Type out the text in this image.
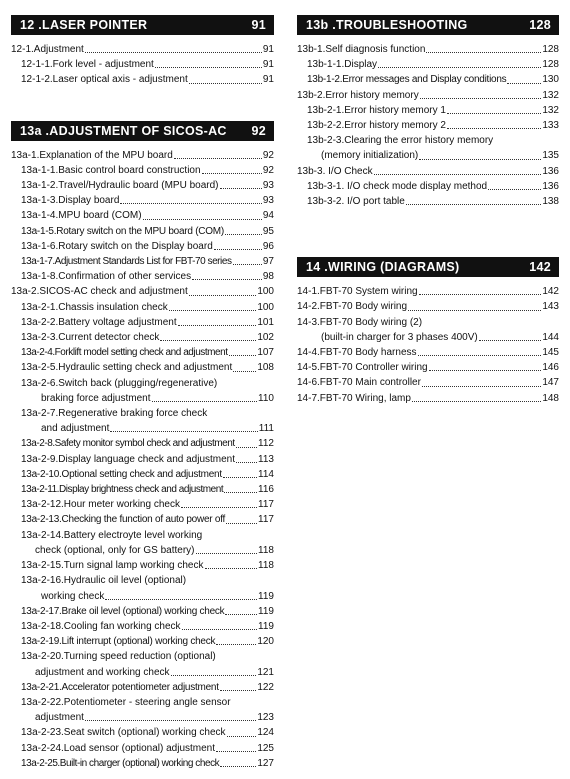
12 .LASER POINTER	91
12-1.Adjustment	91
12-1-1.Fork level - adjustment	91
12-1-2.Laser optical axis - adjustment	91
13a .ADJUSTMENT OF SICOS-AC 92
13a-1.Explanation of the MPU board	92
13a-1-1.Basic control board construction	92
13a-1-2.Travel/Hydraulic board (MPU board)	93
13a-1-3.Display board	93
13a-1-4.MPU board (COM)	94
13a-1-5.Rotary switch on the MPU board (COM)	95
13a-1-6.Rotary switch on the Display board	96
13a-1-7.Adjustment Standards List for FBT-70 series	97
13a-1-8.Confirmation of other services	98
13a-2.SICOS-AC check and adjustment	100
13a-2-1.Chassis insulation check	100
13a-2-2.Battery voltage adjustment	101
13a-2-3.Current detector check	102
13a-2-4.Forklift model setting check and adjustment	107
13a-2-5.Hydraulic setting check and adjustment	108
13a-2-6.Switch back (plugging/regenerative)
braking force adjustment	110
13a-2-7.Regenerative braking force check
and adjustment	111
13a-2-8.Safety monitor symbol check and adjustment 112
13a-2-9.Display language check and adjustment 113
13a-2-10.Optional setting check and adjustment	114
13a-2-11.Display brightness check and adjustment	116
13a-2-12.Hour meter working check	117
13a-2-13.Checking the function of auto power off	117
13a-2-14.Battery electroyte level working
check (optional, only for GS battery)	118
13a-2-15.Turn signal lamp working check	118
13a-2-16.Hydraulic oil level (optional)
working check	119
13a-2-17.Brake oil level (optional) working check	119
13a-2-18.Cooling fan working check	119
13a-2-19.Lift interrupt (optional) working check	120
13a-2-20.Turning speed reduction (optional)
adjustment and working check	121
13a-2-21.Accelerator potentiometer adjustment	122
13a-2-22.Potentiometer - steering angle sensor
adjustment	123
13a-2-23.Seat switch (optional) working check	124
13a-2-24.Load sensor (optional) adjustment	125
13a-2-25.Built-in charger (optional) working check	127
13b .TROUBLESHOOTING	128
13b-1.Self diagnosis function	128
13b-1-1.Display	128
13b-1-2.Error messages and Display conditions	130
13b-2.Error history memory	132
13b-2-1.Error history memory 1	132
13b-2-2.Error history memory 2	133
13b-2-3.Clearing the error history memory
(memory initialization)	135
13b-3. I/O Check	136
13b-3-1. I/O check mode display method	136
13b-3-2. I/O port table	138
14 .WIRING (DIAGRAMS)	142
14-1.FBT-70 System wiring	142
14-2.FBT-70 Body wiring	143
14-3.FBT-70 Body wiring (2)
(built-in charger for 3 phases 400V)	144
14-4.FBT-70 Body harness	145
14-5.FBT-70 Controller wiring	146
14-6.FBT-70 Main controller	147
14-7.FBT-70 Wiring, lamp	148
